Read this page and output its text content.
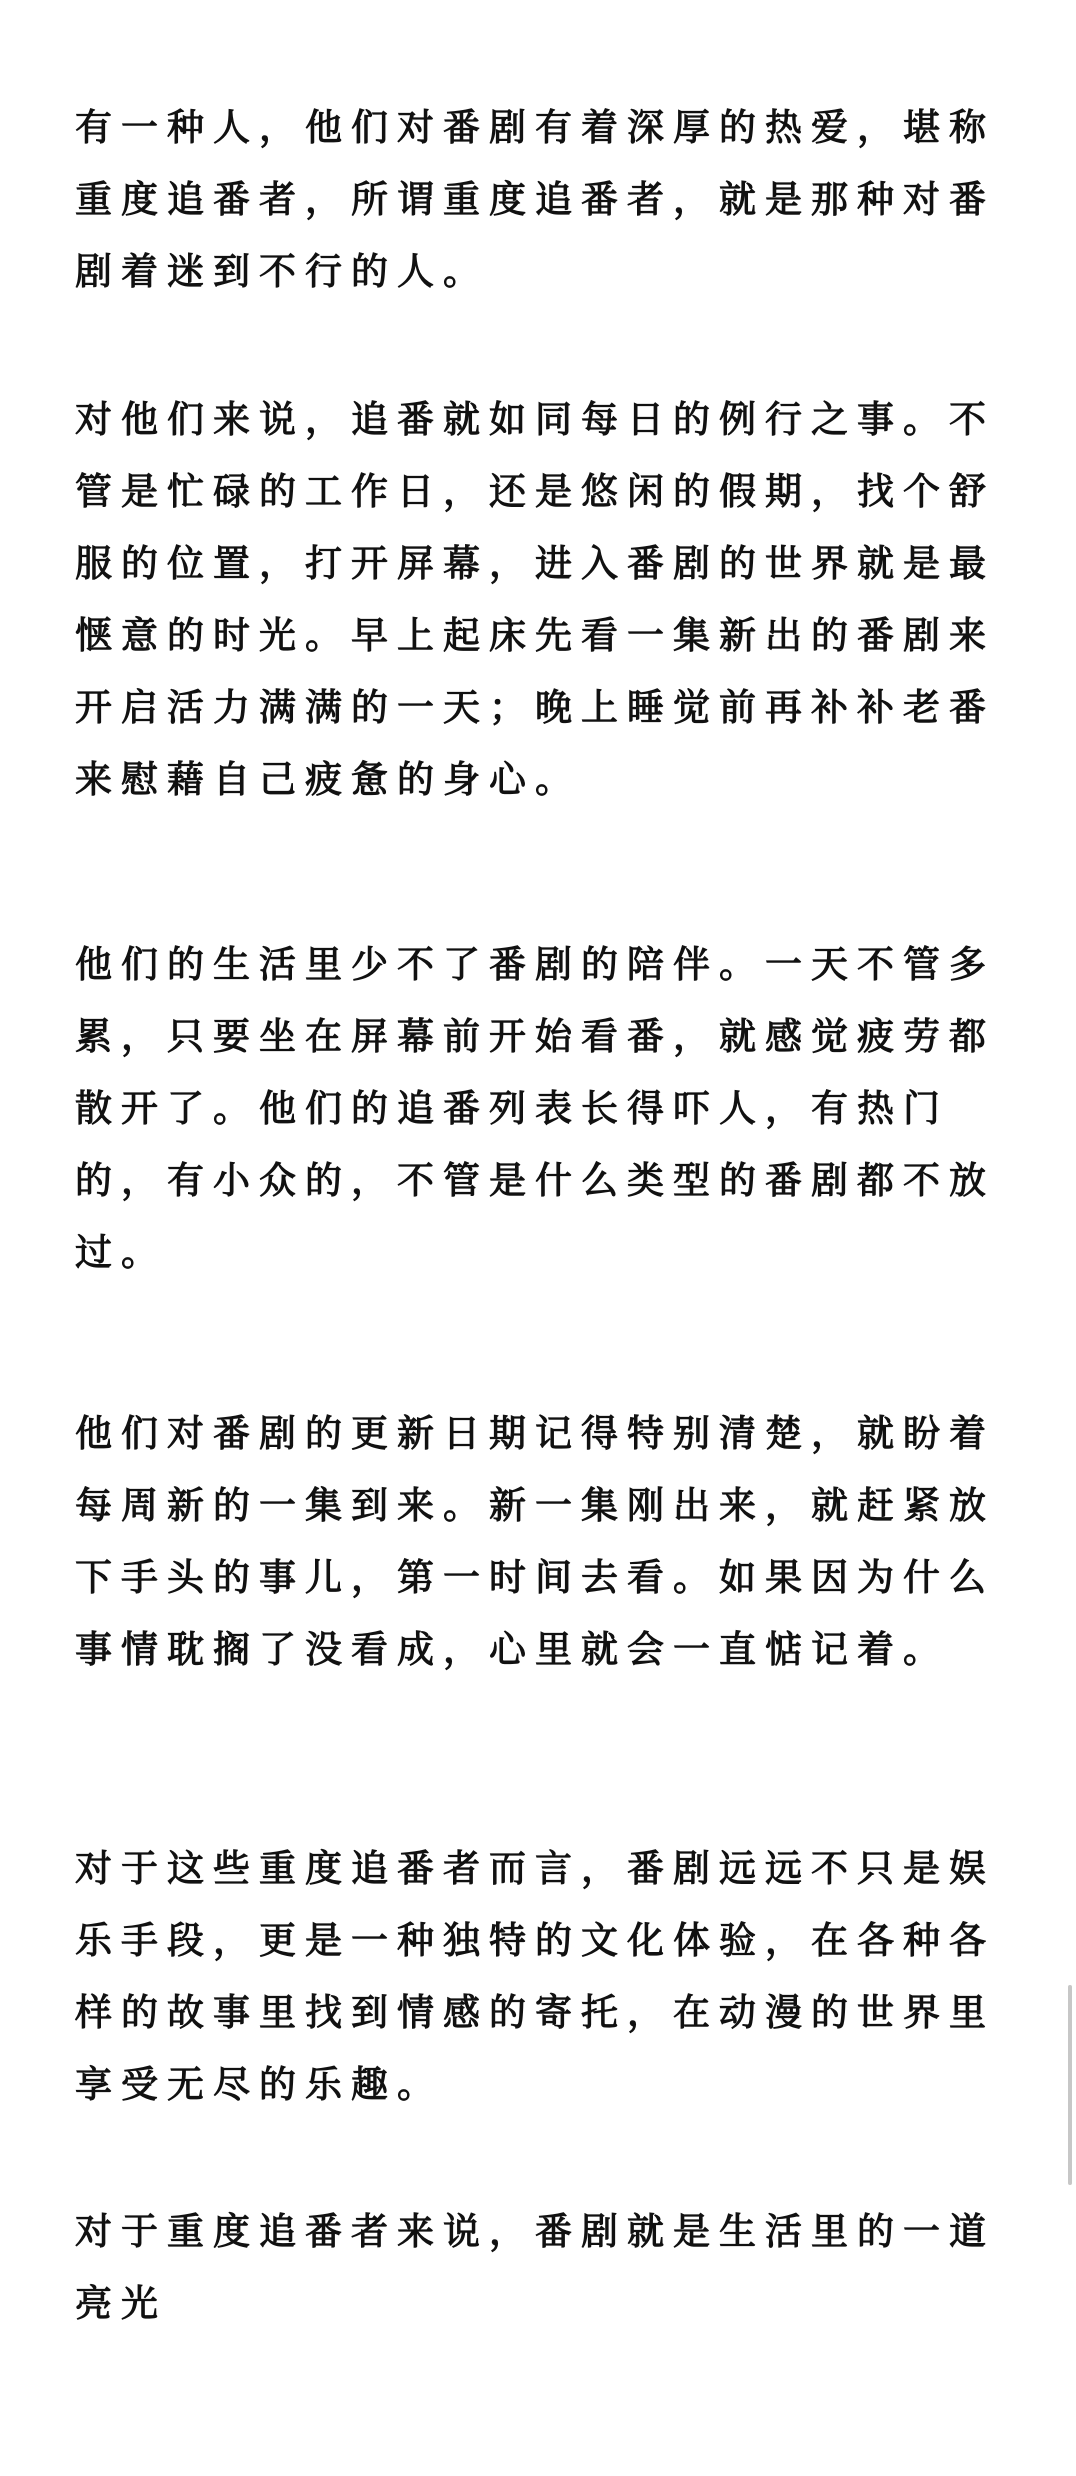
有一种人，他们对番剧有着深厚的热爱，堪称重度追番者，所谓重度追番者，就是那种对番剧着迷到不行的人。

对他们来说，追番就如同每日的例行之事。不管是忙碌的工作日，还是悠闲的假期，找个舒服的位置，打开屏幕，进入番剧的世界就是最惬意的时光。早上起床先看一集新出的番剧来开启活力满满的一天；晚上睡觉前再补补老番来慰藉自己疲惫的身心。

他们的生活里少不了番剧的陪伴。一天不管多累，只要坐在屏幕前开始看番，就感觉疲劳都散开了。他们的追番列表长得吓人，有热门的，有小众的，不管是什么类型的番剧都不放过。

他们对番剧的更新日期记得特别清楚，就盼着每周新的一集到来。新一集刚出来，就赶紧放下手头的事儿，第一时间去看。如果因为什么事情耽搁了没看成，心里就会一直惦记着。

对于这些重度追番者而言，番剧远远不只是娱乐手段，更是一种独特的文化体验，在各种各样的故事里找到情感的寄托，在动漫的世界里享受无尽的乐趣。

对于重度追番者来说，番剧就是生活里的一道亮光
